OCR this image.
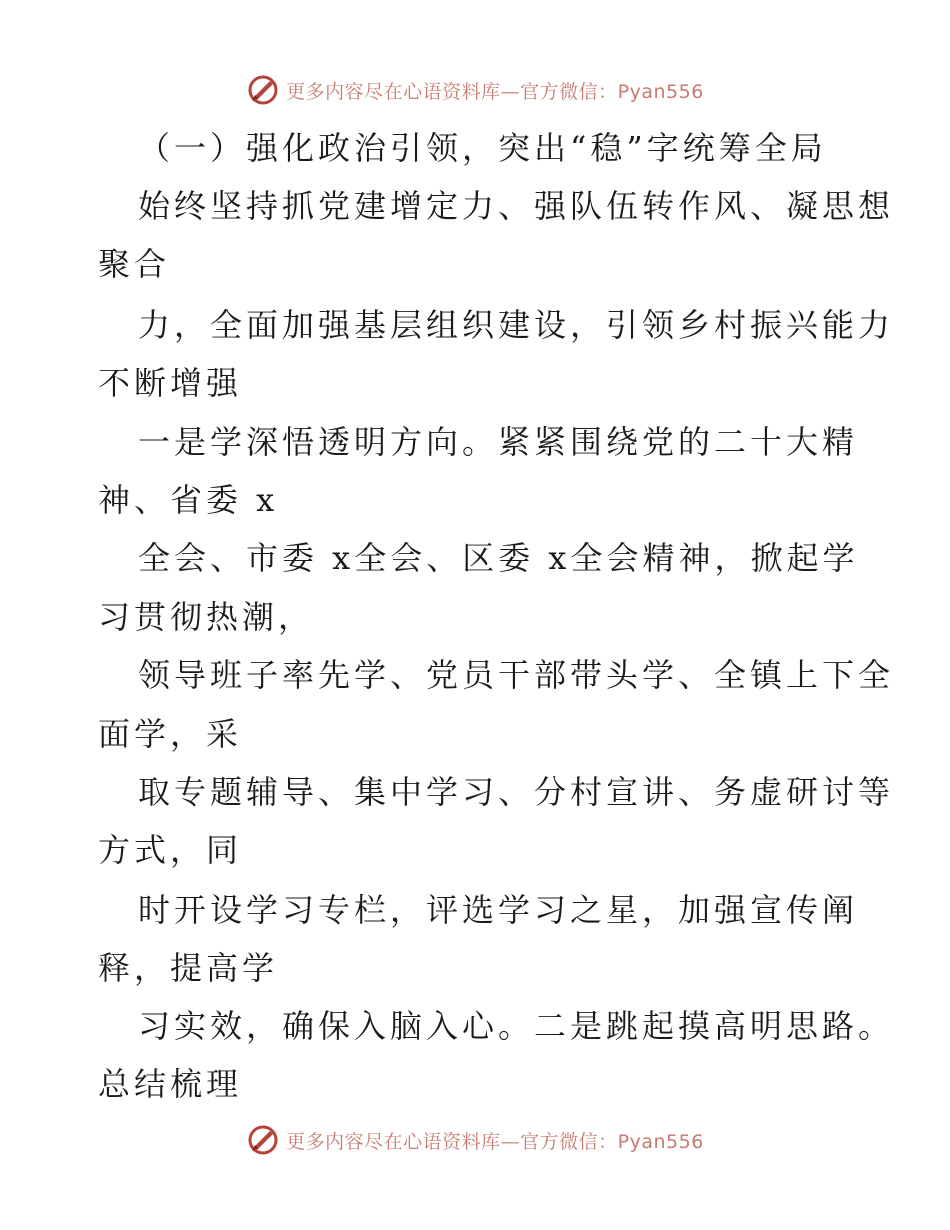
更多内容尽在心语资料库—官方微信：Pyan556
（一）强化政治引领，突出“稳”字统筹全局
始终坚持抓党建增定力、强队伍转作风、凝思想
聚合
力，全面加强基层组织建设，引领乡村振兴能力
不断增强
一是学深悟透明方向。紧紧围绕党的二十大精
神、省委 x
全会、市委 x全会、区委 x全会精神，掀起学
习贯彻热潮，
领导班子率先学、党员干部带头学、全镇上下全
面学，采
取专题辅导、集中学习、分村宣讲、务虚研讨等
方式，同
时开设学习专栏，评选学习之星，加强宣传阐
释，提高学
习实效，确保入脑入心。二是跳起摸高明思路。
总结梳理
更多内容尽在心语资料库—官方微信：Pyan556
